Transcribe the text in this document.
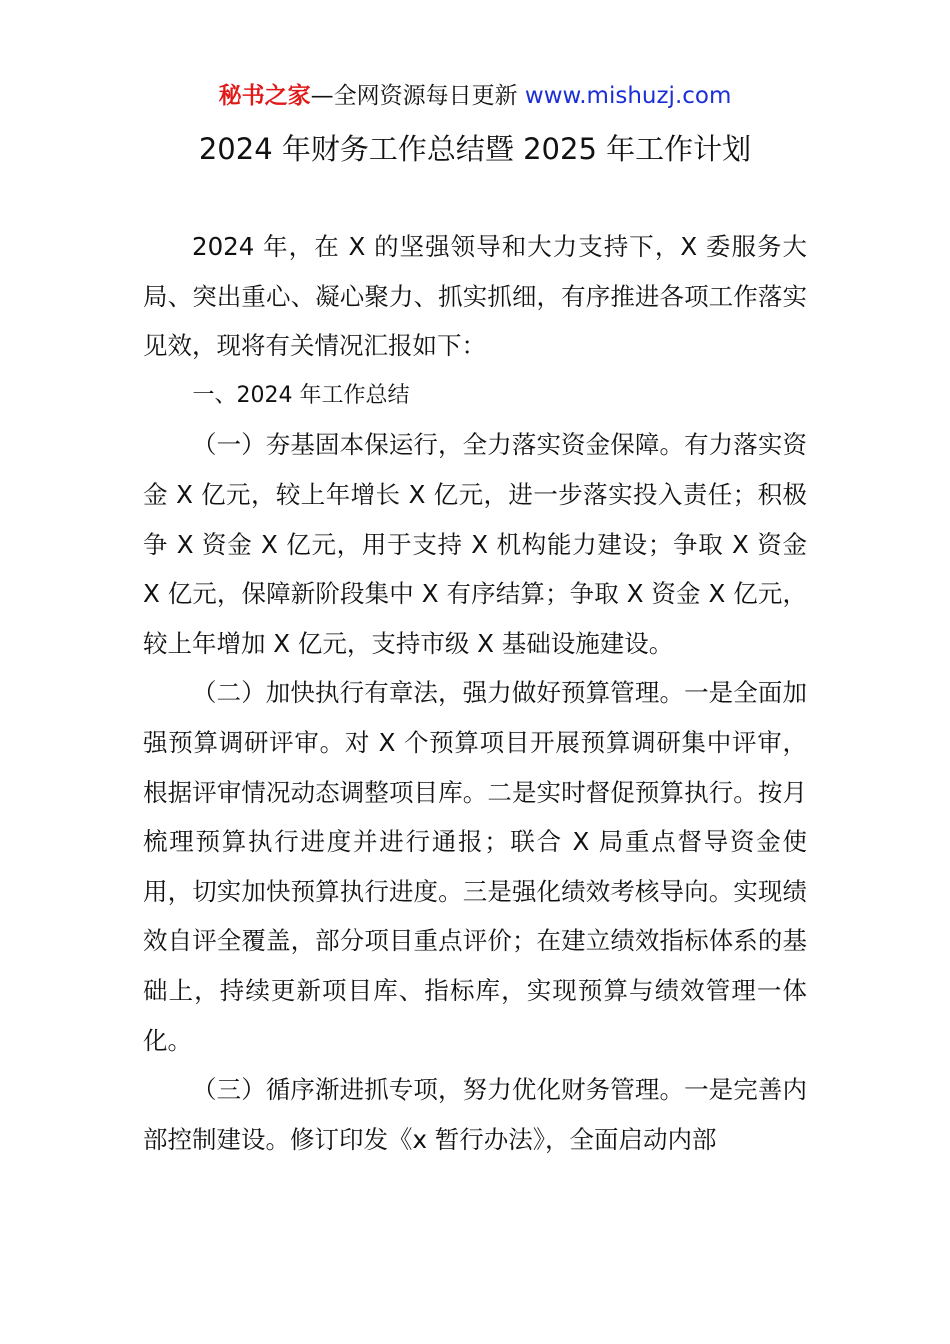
秘书之家—全网资源每日更新 www.mishuzj.com
2024 年财务工作总结暨 2025 年工作计划

2024 年，在 X 的坚强领导和大力支持下，X 委服务大局、突出重心、凝心聚力、抓实抓细，有序推进各项工作落实见效，现将有关情况汇报如下：

一、2024 年工作总结

（一）夯基固本保运行，全力落实资金保障。有力落实资金 X 亿元，较上年增长 X 亿元，进一步落实投入责任；积极争 X 资金 X 亿元，用于支持 X 机构能力建设；争取 X 资金 X 亿元，保障新阶段集中 X 有序结算；争取 X 资金 X 亿元，较上年增加 X 亿元，支持市级 X 基础设施建设。

（二）加快执行有章法，强力做好预算管理。一是全面加强预算调研评审。对 X 个预算项目开展预算调研集中评审，根据评审情况动态调整项目库。二是实时督促预算执行。按月梳理预算执行进度并进行通报；联合 X 局重点督导资金使用，切实加快预算执行进度。三是强化绩效考核导向。实现绩效自评全覆盖，部分项目重点评价；在建立绩效指标体系的基础上，持续更新项目库、指标库，实现预算与绩效管理一体化。

（三）循序渐进抓专项，努力优化财务管理。一是完善内部控制建设。修订印发《x 暂行办法》，全面启动内部
